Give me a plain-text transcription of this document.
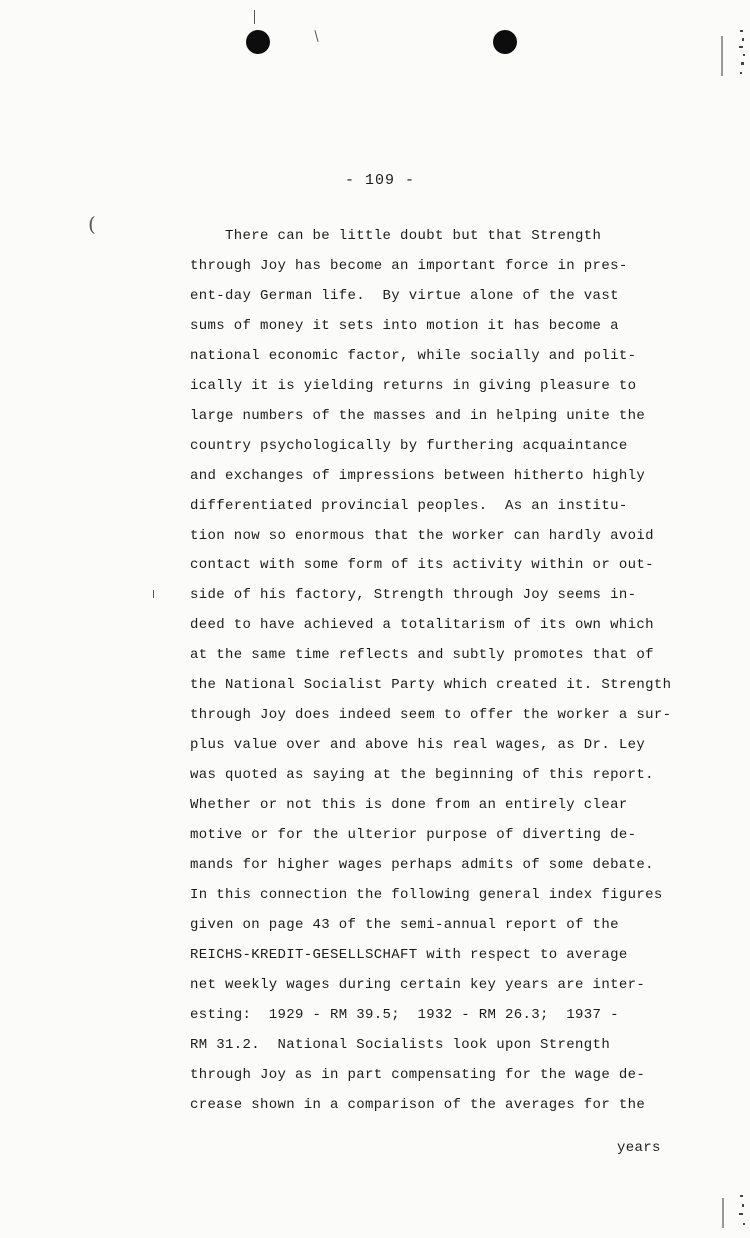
(
- 109 -
There can be little doubt but that Strength
through Joy has become an important force in pres-
ent-day German life.  By virtue alone of the vast
sums of money it sets into motion it has become a
national economic factor, while socially and polit-
ically it is yielding returns in giving pleasure to
large numbers of the masses and in helping unite the
country psychologically by furthering acquaintance
and exchanges of impressions between hitherto highly
differentiated provincial peoples.  As an institu-
tion now so enormous that the worker can hardly avoid
contact with some form of its activity within or out-
side of his factory, Strength through Joy seems in-
deed to have achieved a totalitarism of its own which
at the same time reflects and subtly promotes that of
the National Socialist Party which created it. Strength
through Joy does indeed seem to offer the worker a sur-
plus value over and above his real wages, as Dr. Ley
was quoted as saying at the beginning of this report.
Whether or not this is done from an entirely clear
motive or for the ulterior purpose of diverting de-
mands for higher wages perhaps admits of some debate.
In this connection the following general index figures
given on page 43 of the semi-annual report of the
REICHS-KREDIT-GESELLSCHAFT with respect to average
net weekly wages during certain key years are inter-
esting:  1929 - RM 39.5;  1932 - RM 26.3;  1937 -
RM 31.2.  National Socialists look upon Strength
through Joy as in part compensating for the wage de-
crease shown in a comparison of the averages for the
years
